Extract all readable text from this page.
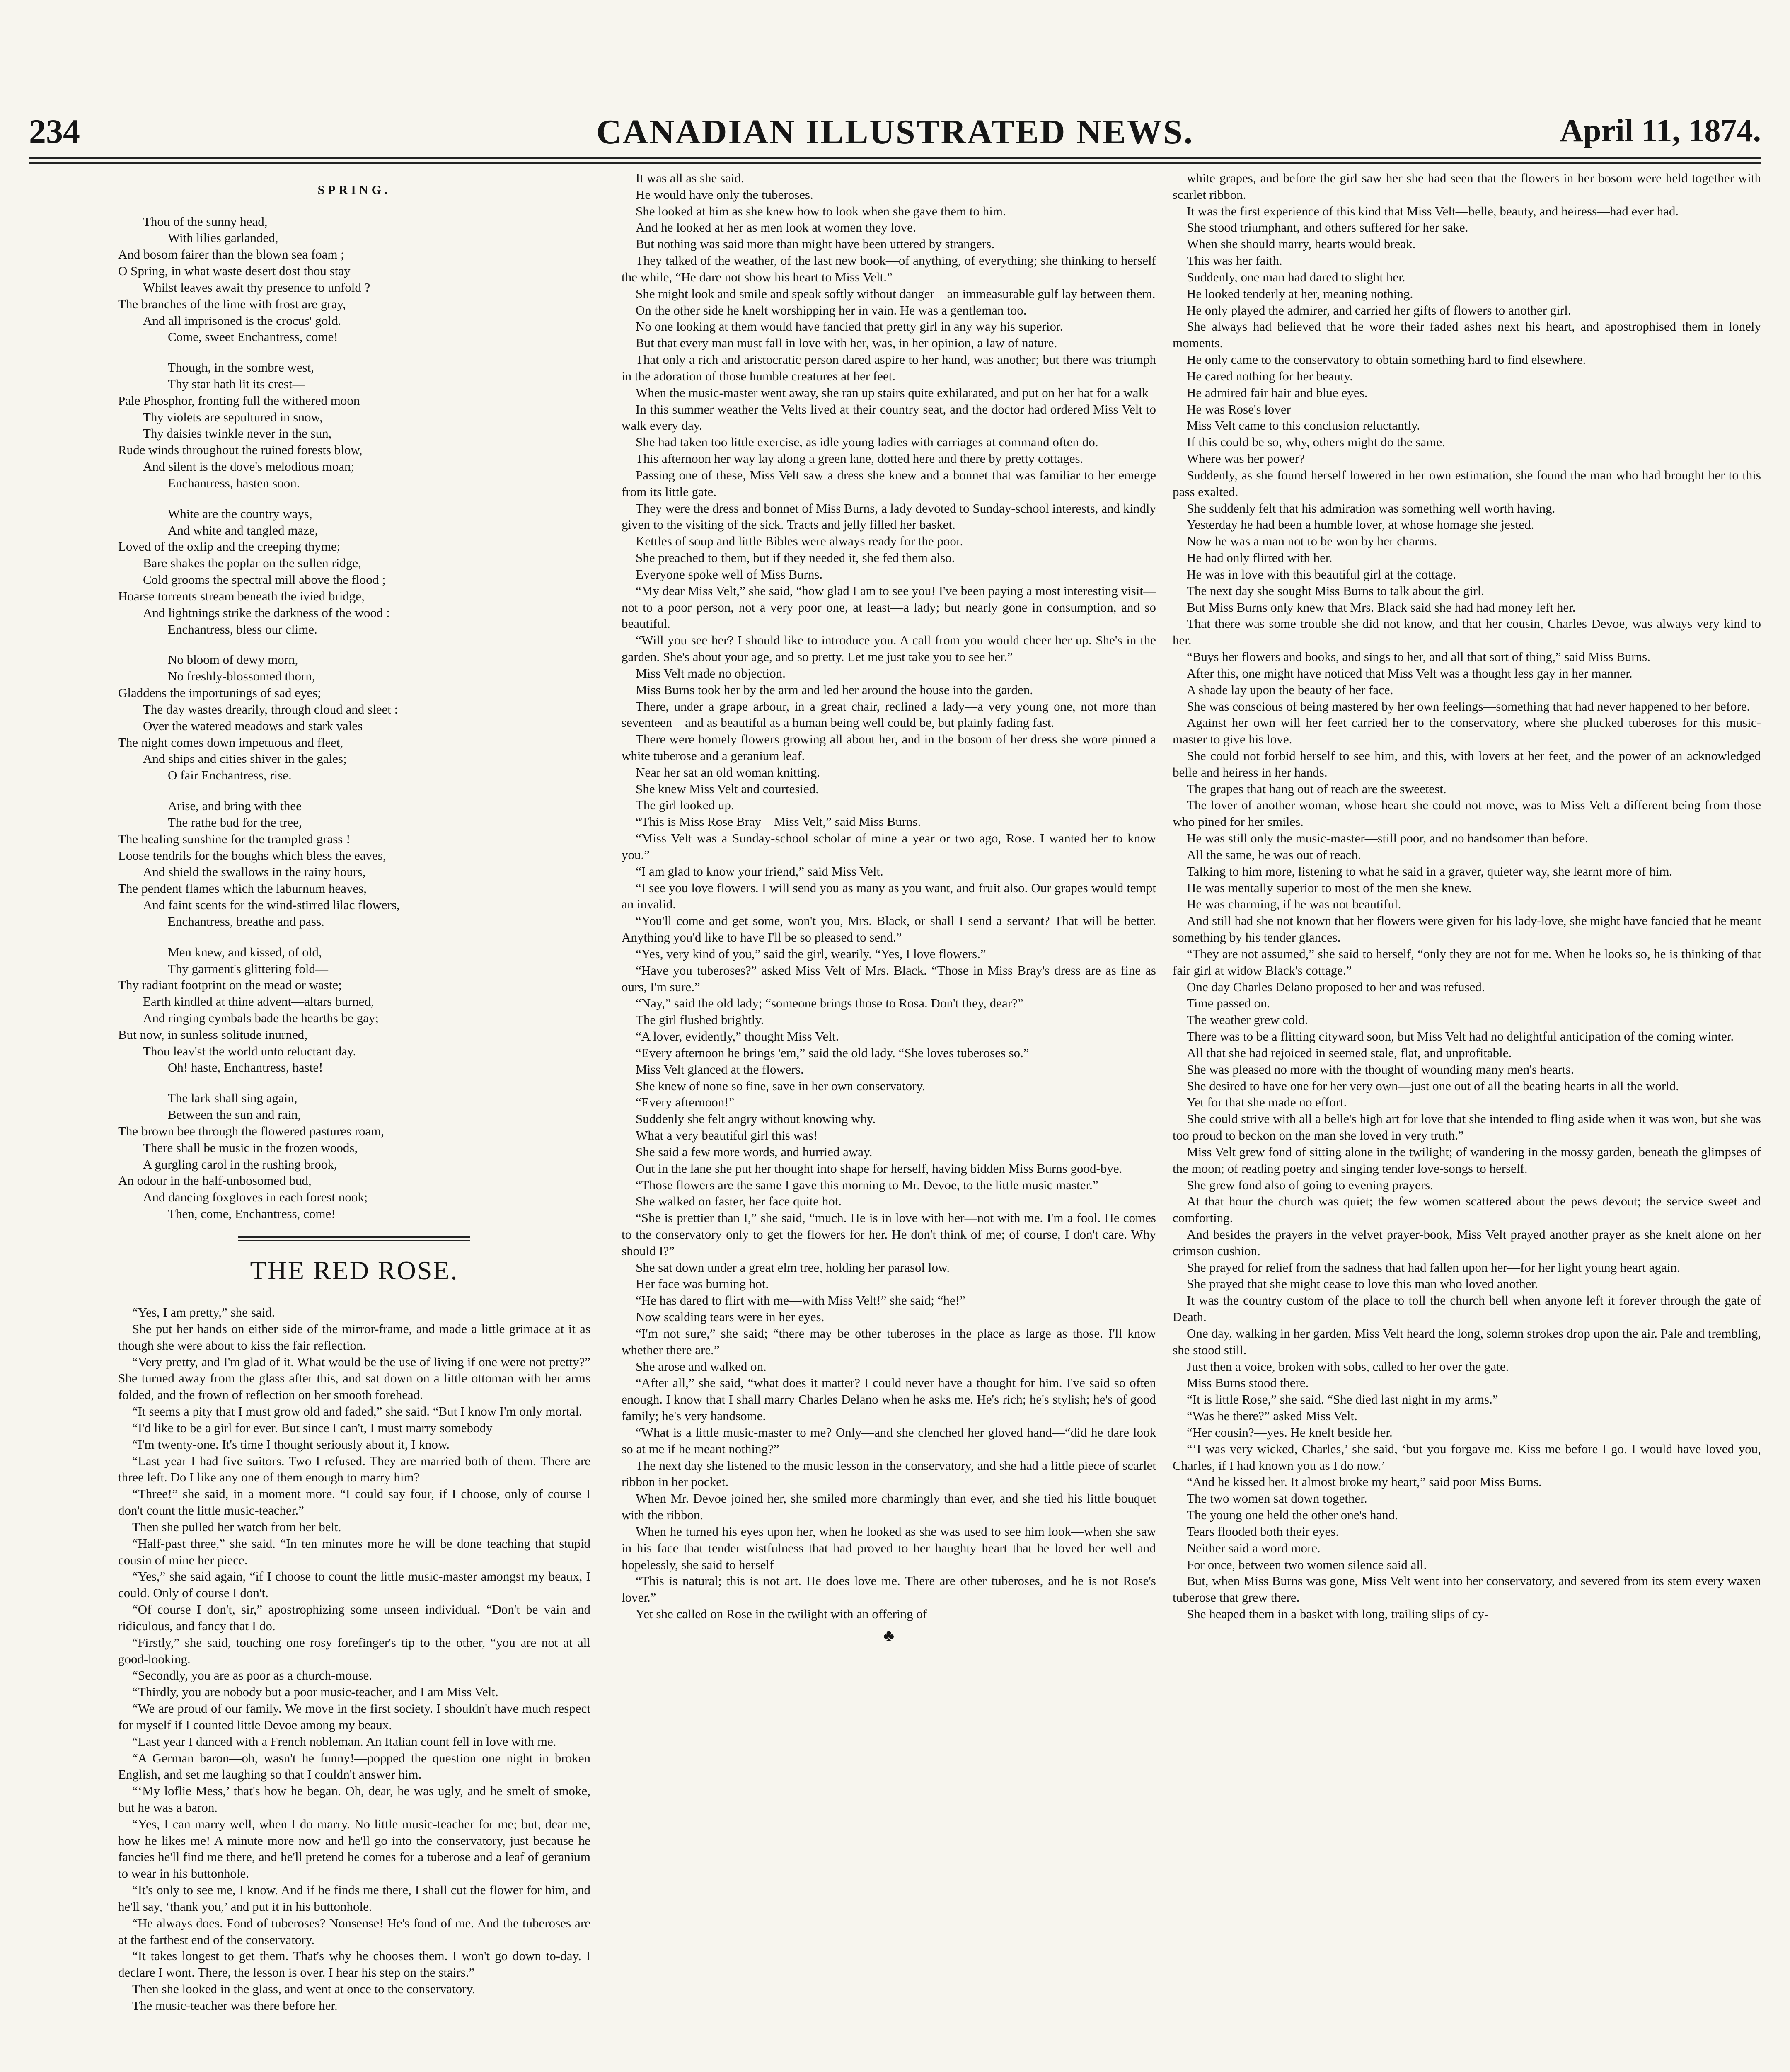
234	CANADIAN ILLUSTRATED NEWS.	April 11, 1874.
SPRING.
Thou of the sunny head,
With lilies garlanded,
And bosom fairer than the blown sea foam ;
O Spring, in what waste desert dost thou stay
Whilst leaves await thy presence to unfold ?
The branches of the lime with frost are gray,
And all imprisoned is the crocus' gold.
Come, sweet Enchantress, come!
Though, in the sombre west,
Thy star hath lit its crest—
Pale Phosphor, fronting full the withered moon—
Thy violets are sepultured in snow,
Thy daisies twinkle never in the sun,
Rude winds throughout the ruined forests blow,
And silent is the dove's melodious moan;
Enchantress, hasten soon.
White are the country ways,
And white and tangled maze,
Loved of the oxlip and the creeping thyme;
Bare shakes the poplar on the sullen ridge,
Cold grooms the spectral mill above the flood ;
Hoarse torrents stream beneath the ivied bridge,
And lightnings strike the darkness of the wood :
Enchantress, bless our clime.
No bloom of dewy morn,
No freshly-blossomed thorn,
Gladdens the importunings of sad eyes;
The day wastes drearily, through cloud and sleet :
Over the watered meadows and stark vales
The night comes down impetuous and fleet,
And ships and cities shiver in the gales;
O fair Enchantress, rise.
Arise, and bring with thee
The rathe bud for the tree,
The healing sunshine for the trampled grass !
Loose tendrils for the boughs which bless the eaves,
And shield the swallows in the rainy hours,
The pendent flames which the laburnum heaves,
And faint scents for the wind-stirred lilac flowers,
Enchantress, breathe and pass.
Men knew, and kissed, of old,
Thy garment's glittering fold—
Thy radiant footprint on the mead or waste;
Earth kindled at thine advent—altars burned,
And ringing cymbals bade the hearths be gay;
But now, in sunless solitude inurned,
Thou leav'st the world unto reluctant day.
Oh! haste, Enchantress, haste!
The lark shall sing again,
Between the sun and rain,
The brown bee through the flowered pastures roam,
There shall be music in the frozen woods,
A gurgling carol in the rushing brook,
An odour in the half-unbosomed bud,
And dancing foxgloves in each forest nook;
Then, come, Enchantress, come!
THE RED ROSE.

“Yes, I am pretty,” she said.

She put her hands on either side of the mirror-frame, and made a little grimace at it as though she were about to kiss the fair reflection.

“Very pretty, and I'm glad of it. What would be the use of living if one were not pretty?” She turned away from the glass after this, and sat down on a little ottoman with her arms folded, and the frown of reflection on her smooth forehead.

“It seems a pity that I must grow old and faded,” she said. “But I know I'm only mortal.

“I'd like to be a girl for ever. But since I can't, I must marry somebody

“I'm twenty-one. It's time I thought seriously about it, I know.

“Last year I had five suitors. Two I refused. They are married both of them. There are three left. Do I like any one of them enough to marry him?

“Three!” she said, in a moment more. “I could say four, if I choose, only of course I don't count the little music-teacher.”

Then she pulled her watch from her belt.

“Half-past three,” she said. “In ten minutes more he will be done teaching that stupid cousin of mine her piece.

“Yes,” she said again, “if I choose to count the little music-master amongst my beaux, I could. Only of course I don't.

“Of course I don't, sir,” apostrophizing some unseen individual. “Don't be vain and ridiculous, and fancy that I do.

“Firstly,” she said, touching one rosy forefinger's tip to the other, “you are not at all good-looking.

“Secondly, you are as poor as a church-mouse.

“Thirdly, you are nobody but a poor music-teacher, and I am Miss Velt.

“We are proud of our family. We move in the first society. I shouldn't have much respect for myself if I counted little Devoe among my beaux.

“Last year I danced with a French nobleman. An Italian count fell in love with me.

“A German baron—oh, wasn't he funny!—popped the question one night in broken English, and set me laughing so that I couldn't answer him.

“‘My loflie Mess,’ that's how he began. Oh, dear, he was ugly, and he smelt of smoke, but he was a baron.

“Yes, I can marry well, when I do marry. No little music-teacher for me; but, dear me, how he likes me! A minute more now and he'll go into the conservatory, just because he fancies he'll find me there, and he'll pretend he comes for a tuberose and a leaf of geranium to wear in his buttonhole.

“It's only to see me, I know. And if he finds me there, I shall cut the flower for him, and he'll say, ‘thank you,’ and put it in his buttonhole.

“He always does. Fond of tuberoses? Nonsense! He's fond of me. And the tuberoses are at the farthest end of the conservatory.

“It takes longest to get them. That's why he chooses them. I won't go down to-day. I declare I wont. There, the lesson is over. I hear his step on the stairs.”

Then she looked in the glass, and went at once to the conservatory.

The music-teacher was there before her.

It was all as she said.

He would have only the tuberoses.

She looked at him as she knew how to look when she gave them to him.

And he looked at her as men look at women they love.

But nothing was said more than might have been uttered by strangers.

They talked of the weather, of the last new book—of anything, of everything; she thinking to herself the while, “He dare not show his heart to Miss Velt.”

She might look and smile and speak softly without danger—an immeasurable gulf lay between them.

On the other side he knelt worshipping her in vain. He was a gentleman too.

No one looking at them would have fancied that pretty girl in any way his superior.

But that every man must fall in love with her, was, in her opinion, a law of nature.

That only a rich and aristocratic person dared aspire to her hand, was another; but there was triumph in the adoration of those humble creatures at her feet.

When the music-master went away, she ran up stairs quite exhilarated, and put on her hat for a walk

In this summer weather the Velts lived at their country seat, and the doctor had ordered Miss Velt to walk every day.

She had taken too little exercise, as idle young ladies with carriages at command often do.

This afternoon her way lay along a green lane, dotted here and there by pretty cottages.

Passing one of these, Miss Velt saw a dress she knew and a bonnet that was familiar to her emerge from its little gate.

They were the dress and bonnet of Miss Burns, a lady devoted to Sunday-school interests, and kindly given to the visiting of the sick. Tracts and jelly filled her basket.

Kettles of soup and little Bibles were always ready for the poor.

She preached to them, but if they needed it, she fed them also.

Everyone spoke well of Miss Burns.

“My dear Miss Velt,” she said, “how glad I am to see you! I've been paying a most interesting visit—not to a poor person, not a very poor one, at least—a lady; but nearly gone in consumption, and so beautiful.

“Will you see her? I should like to introduce you. A call from you would cheer her up. She's in the garden. She's about your age, and so pretty. Let me just take you to see her.”

Miss Velt made no objection.

Miss Burns took her by the arm and led her around the house into the garden.

There, under a grape arbour, in a great chair, reclined a lady—a very young one, not more than seventeen—and as beautiful as a human being well could be, but plainly fading fast.

There were homely flowers growing all about her, and in the bosom of her dress she wore pinned a white tuberose and a geranium leaf.

Near her sat an old woman knitting.

She knew Miss Velt and courtesied.

The girl looked up.

“This is Miss Rose Bray—Miss Velt,” said Miss Burns.

“Miss Velt was a Sunday-school scholar of mine a year or two ago, Rose. I wanted her to know you.”

“I am glad to know your friend,” said Miss Velt.

“I see you love flowers. I will send you as many as you want, and fruit also. Our grapes would tempt an invalid.

“You'll come and get some, won't you, Mrs. Black, or shall I send a servant? That will be better. Anything you'd like to have I'll be so pleased to send.”

“Yes, very kind of you,” said the girl, wearily. “Yes, I love flowers.”

“Have you tuberoses?” asked Miss Velt of Mrs. Black. “Those in Miss Bray's dress are as fine as ours, I'm sure.”

“Nay,” said the old lady; “someone brings those to Rosa. Don't they, dear?”

The girl flushed brightly.

“A lover, evidently,” thought Miss Velt.

“Every afternoon he brings 'em,” said the old lady. “She loves tuberoses so.”

Miss Velt glanced at the flowers.

She knew of none so fine, save in her own conservatory.

“Every afternoon!”

Suddenly she felt angry without knowing why.

What a very beautiful girl this was!

She said a few more words, and hurried away.

Out in the lane she put her thought into shape for herself, having bidden Miss Burns good-bye.

“Those flowers are the same I gave this morning to Mr. Devoe, to the little music master.”

She walked on faster, her face quite hot.

“She is prettier than I,” she said, “much. He is in love with her—not with me. I'm a fool. He comes to the conservatory only to get the flowers for her. He don't think of me; of course, I don't care. Why should I?”

She sat down under a great elm tree, holding her parasol low.

Her face was burning hot.

“He has dared to flirt with me—with Miss Velt!” she said; “he!”

Now scalding tears were in her eyes.

“I'm not sure,” she said; “there may be other tuberoses in the place as large as those. I'll know whether there are.”

She arose and walked on.

“After all,” she said, “what does it matter? I could never have a thought for him. I've said so often enough. I know that I shall marry Charles Delano when he asks me. He's rich; he's stylish; he's of good family; he's very handsome.

“What is a little music-master to me? Only—and she clenched her gloved hand—“did he dare look so at me if he meant nothing?”

The next day she listened to the music lesson in the conservatory, and she had a little piece of scarlet ribbon in her pocket.

When Mr. Devoe joined her, she smiled more charmingly than ever, and she tied his little bouquet with the ribbon.

When he turned his eyes upon her, when he looked as she was used to see him look—when she saw in his face that tender wistfulness that had proved to her haughty heart that he loved her well and hopelessly, she said to herself—

“This is natural; this is not art. He does love me. There are other tuberoses, and he is not Rose's lover.”

Yet she called on Rose in the twilight with an offering of

♣

white grapes, and before the girl saw her she had seen that the flowers in her bosom were held together with scarlet ribbon.

It was the first experience of this kind that Miss Velt—belle, beauty, and heiress—had ever had.

She stood triumphant, and others suffered for her sake.

When she should marry, hearts would break.

This was her faith.

Suddenly, one man had dared to slight her.

He looked tenderly at her, meaning nothing.

He only played the admirer, and carried her gifts of flowers to another girl.

She always had believed that he wore their faded ashes next his heart, and apostrophised them in lonely moments.

He only came to the conservatory to obtain something hard to find elsewhere.

He cared nothing for her beauty.

He admired fair hair and blue eyes.

He was Rose's lover

Miss Velt came to this conclusion reluctantly.

If this could be so, why, others might do the same.

Where was her power?

Suddenly, as she found herself lowered in her own estimation, she found the man who had brought her to this pass exalted.

She suddenly felt that his admiration was something well worth having.

Yesterday he had been a humble lover, at whose homage she jested.

Now he was a man not to be won by her charms.

He had only flirted with her.

He was in love with this beautiful girl at the cottage.

The next day she sought Miss Burns to talk about the girl.

But Miss Burns only knew that Mrs. Black said she had had money left her.

That there was some trouble she did not know, and that her cousin, Charles Devoe, was always very kind to her.

“Buys her flowers and books, and sings to her, and all that sort of thing,” said Miss Burns.

After this, one might have noticed that Miss Velt was a thought less gay in her manner.

A shade lay upon the beauty of her face.

She was conscious of being mastered by her own feelings—something that had never happened to her before.

Against her own will her feet carried her to the conservatory, where she plucked tuberoses for this music-master to give his love.

She could not forbid herself to see him, and this, with lovers at her feet, and the power of an acknowledged belle and heiress in her hands.

The grapes that hang out of reach are the sweetest.

The lover of another woman, whose heart she could not move, was to Miss Velt a different being from those who pined for her smiles.

He was still only the music-master—still poor, and no handsomer than before.

All the same, he was out of reach.

Talking to him more, listening to what he said in a graver, quieter way, she learnt more of him.

He was mentally superior to most of the men she knew.

He was charming, if he was not beautiful.

And still had she not known that her flowers were given for his lady-love, she might have fancied that he meant something by his tender glances.

“They are not assumed,” she said to herself, “only they are not for me. When he looks so, he is thinking of that fair girl at widow Black's cottage.”

One day Charles Delano proposed to her and was refused.

Time passed on.

The weather grew cold.

There was to be a flitting cityward soon, but Miss Velt had no delightful anticipation of the coming winter.

All that she had rejoiced in seemed stale, flat, and unprofitable.

She was pleased no more with the thought of wounding many men's hearts.

She desired to have one for her very own—just one out of all the beating hearts in all the world.

Yet for that she made no effort.

She could strive with all a belle's high art for love that she intended to fling aside when it was won, but she was too proud to beckon on the man she loved in very truth.”

Miss Velt grew fond of sitting alone in the twilight; of wandering in the mossy garden, beneath the glimpses of the moon; of reading poetry and singing tender love-songs to herself.

She grew fond also of going to evening prayers.

At that hour the church was quiet; the few women scattered about the pews devout; the service sweet and comforting.

And besides the prayers in the velvet prayer-book, Miss Velt prayed another prayer as she knelt alone on her crimson cushion.

She prayed for relief from the sadness that had fallen upon her—for her light young heart again.

She prayed that she might cease to love this man who loved another.

It was the country custom of the place to toll the church bell when anyone left it forever through the gate of Death.

One day, walking in her garden, Miss Velt heard the long, solemn strokes drop upon the air. Pale and trembling, she stood still.

Just then a voice, broken with sobs, called to her over the gate.

Miss Burns stood there.

“It is little Rose,” she said. “She died last night in my arms.”

“Was he there?” asked Miss Velt.

“Her cousin?—yes. He knelt beside her.

“‘I was very wicked, Charles,’ she said, ‘but you forgave me. Kiss me before I go. I would have loved you, Charles, if I had known you as I do now.’

“And he kissed her. It almost broke my heart,” said poor Miss Burns.

The two women sat down together.

The young one held the other one's hand.

Tears flooded both their eyes.

Neither said a word more.

For once, between two women silence said all.

But, when Miss Burns was gone, Miss Velt went into her conservatory, and severed from its stem every waxen tuberose that grew there.

She heaped them in a basket with long, trailing slips of cy-
